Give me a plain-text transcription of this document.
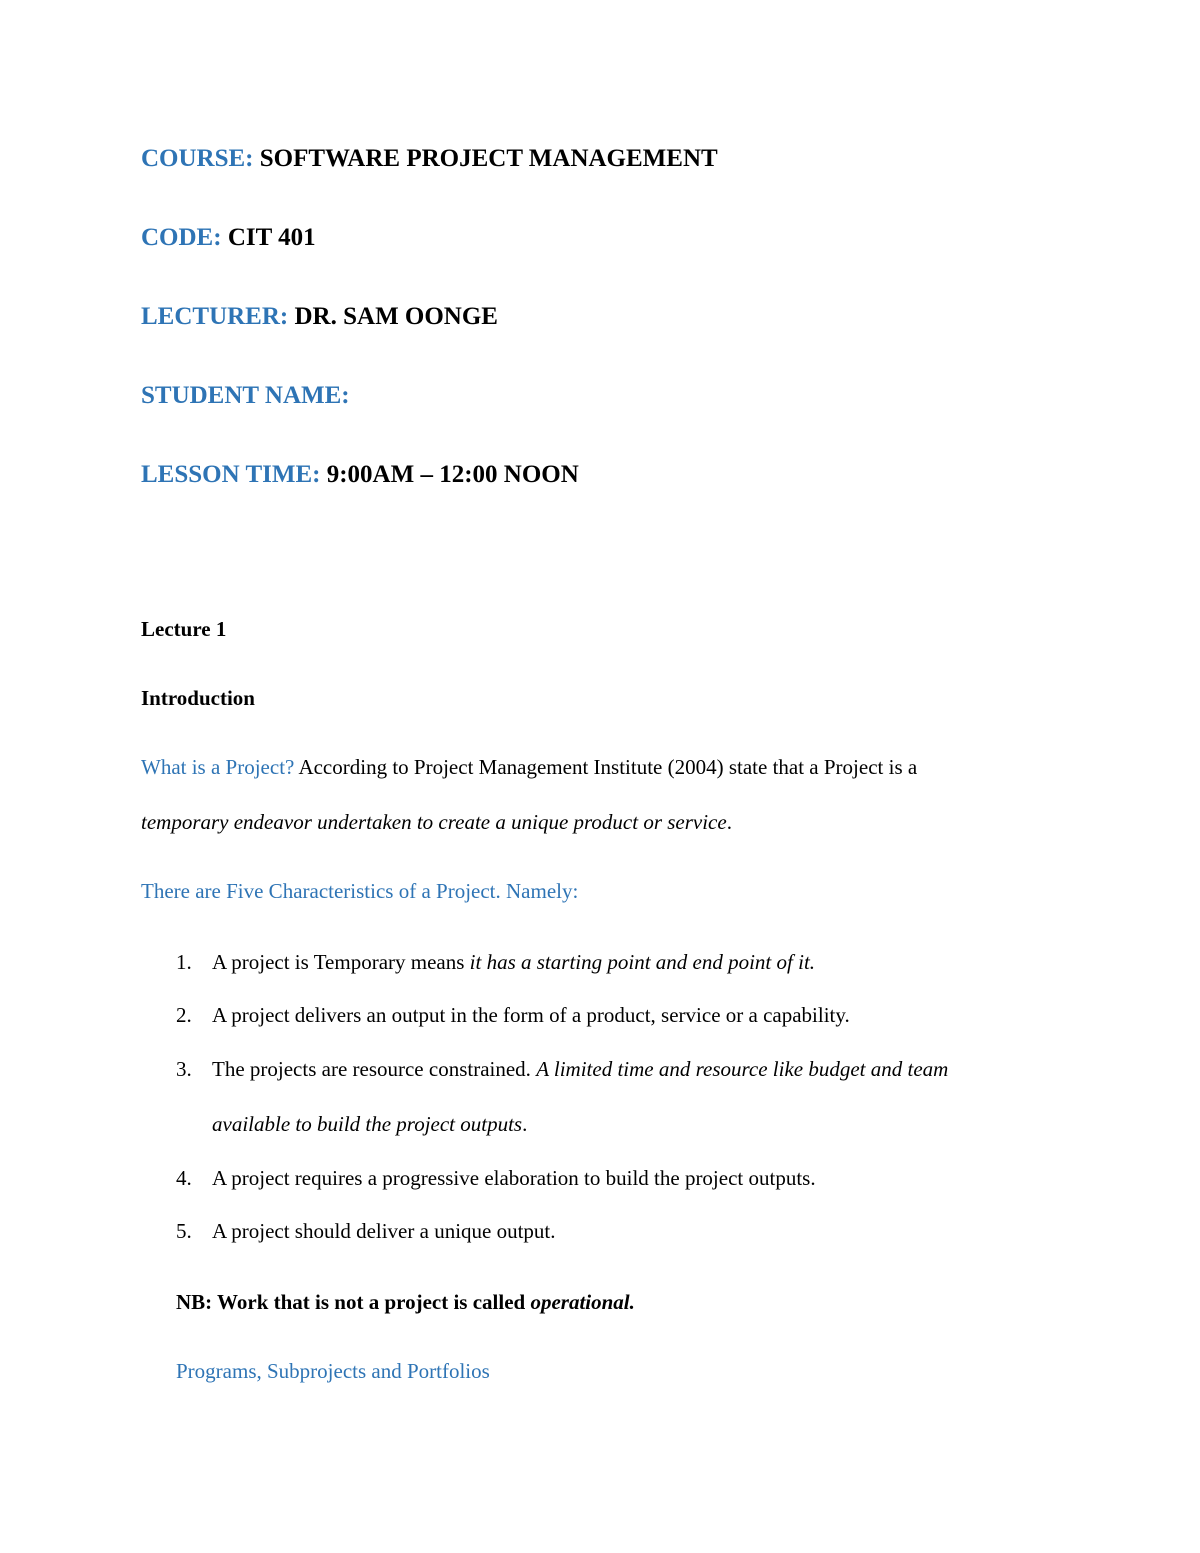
COURSE: SOFTWARE PROJECT MANAGEMENT
CODE: CIT 401
LECTURER: DR. SAM OONGE
STUDENT NAME:
LESSON TIME: 9:00AM – 12:00 NOON
Lecture 1
Introduction
What is a Project? According to Project Management Institute (2004) state that a Project is a
temporary endeavor undertaken to create a unique product or service.
There are Five Characteristics of a Project. Namely:
1. A project is Temporary means it has a starting point and end point of it.
2. A project delivers an output in the form of a product, service or a capability.
3. The projects are resource constrained. A limited time and resource like budget and team
available to build the project outputs.
4. A project requires a progressive elaboration to build the project outputs.
5. A project should deliver a unique output.
NB: Work that is not a project is called operational.
Programs, Subprojects and Portfolios
